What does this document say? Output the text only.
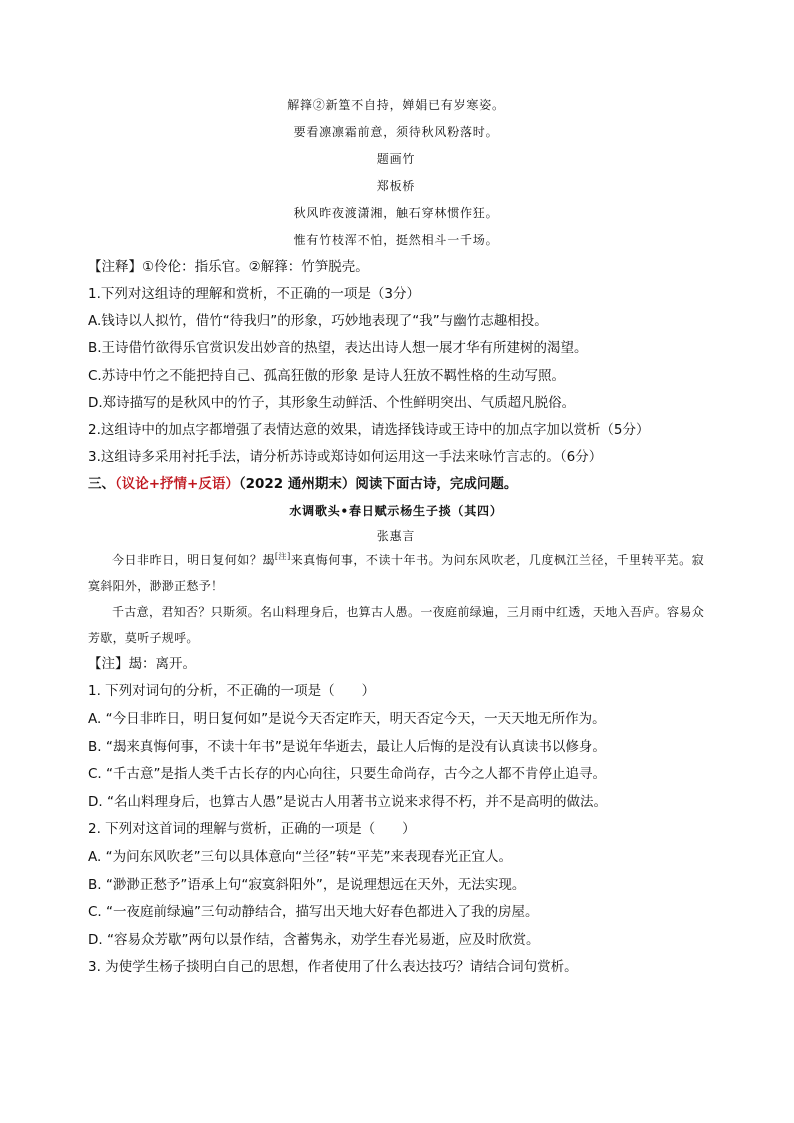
解箨②新篁不自持，婵娟已有岁寒姿。
要看凛凛霜前意，须待秋风粉落时。
题画竹
郑板桥
秋风昨夜渡潇湘，触石穿林惯作狂。
惟有竹枝浑不怕，挺然相斗一千场。
【注释】①伶伦：指乐官。②解箨：竹笋脱壳。
1.下列对这组诗的理解和赏析，不正确的一项是（3分）
A.钱诗以人拟竹，借竹“待我归”的形象，巧妙地表现了“我”与幽竹志趣相投。
B.王诗借竹欲得乐官赏识发出妙音的热望，表达出诗人想一展才华有所建树的渴望。
C.苏诗中竹之不能把持自己、孤高狂傲的形象 是诗人狂放不羁性格的生动写照。
D.郑诗描写的是秋风中的竹子，其形象生动鲜活、个性鲜明突出、气质超凡脱俗。
2.这组诗中的加点字都增强了表情达意的效果，请选择钱诗或王诗中的加点字加以赏析（5分）
3.这组诗多采用衬托手法，请分析苏诗或郑诗如何运用这一手法来咏竹言志的。（6分）
三、（议论+抒情+反语）（2022 通州期末）阅读下面古诗，完成问题。
水调歌头•春日赋示杨生子掞（其四）
张惠言
今日非昨日，明日复何如？朅[注]来真悔何事，不读十年书。为问东风吹老，几度枫江兰径，千里转平芜。寂寞斜阳外，渺渺正愁予！
千古意，君知否？只斯须。名山料理身后，也算古人愚。一夜庭前绿遍，三月雨中红透，天地入吾庐。容易众芳歇，莫听子规呼。
【注】朅：离开。
1. 下列对词句的分析，不正确的一项是（　　）
A. “今日非昨日，明日复何如”是说今天否定昨天，明天否定今天，一天天地无所作为。
B. “朅来真悔何事，不读十年书”是说年华逝去，最让人后悔的是没有认真读书以修身。
C. “千古意”是指人类千古长存的内心向往，只要生命尚存，古今之人都不肯停止追寻。
D. “名山料理身后，也算古人愚”是说古人用著书立说来求得不朽，并不是高明的做法。
2. 下列对这首词的理解与赏析，正确的一项是（　　）
A. “为问东风吹老”三句以具体意向“兰径”转“平芜”来表现春光正宜人。
B. “渺渺正愁予”语承上句“寂寞斜阳外”，是说理想远在天外，无法实现。
C. “一夜庭前绿遍”三句动静结合，描写出天地大好春色都进入了我的房屋。
D. “容易众芳歇”两句以景作结，含蓄隽永，劝学生春光易逝，应及时欣赏。
3. 为使学生杨子掞明白自己的思想，作者使用了什么表达技巧？请结合词句赏析。
